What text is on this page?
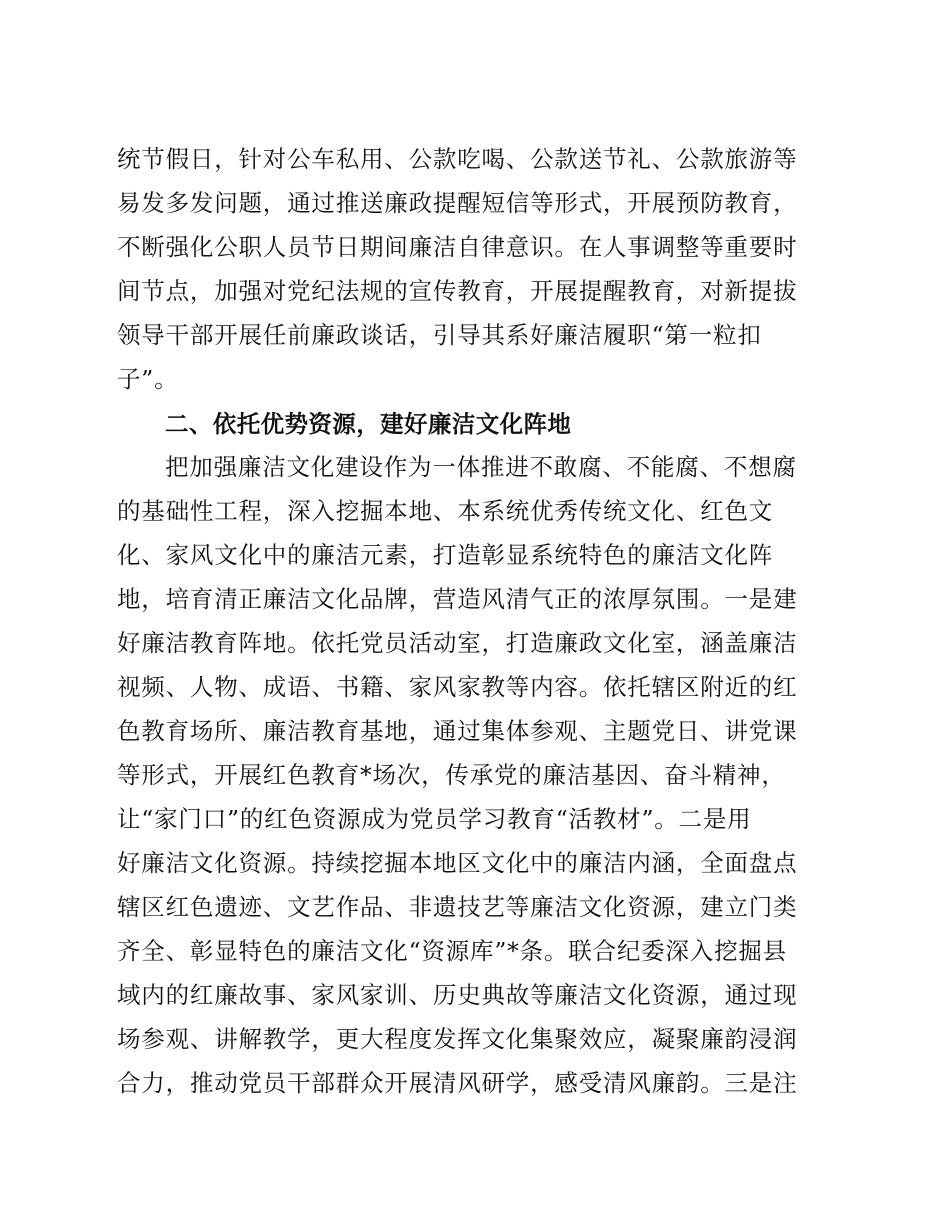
统节假日，针对公车私用、公款吃喝、公款送节礼、公款旅游等
易发多发问题，通过推送廉政提醒短信等形式，开展预防教育，
不断强化公职人员节日期间廉洁自律意识。在人事调整等重要时
间节点，加强对党纪法规的宣传教育，开展提醒教育，对新提拔
领导干部开展任前廉政谈话，引导其系好廉洁履职“第一粒扣
子”。
二、依托优势资源，建好廉洁文化阵地
把加强廉洁文化建设作为一体推进不敢腐、不能腐、不想腐
的基础性工程，深入挖掘本地、本系统优秀传统文化、红色文
化、家风文化中的廉洁元素，打造彰显系统特色的廉洁文化阵
地，培育清正廉洁文化品牌，营造风清气正的浓厚氛围。一是建
好廉洁教育阵地。依托党员活动室，打造廉政文化室，涵盖廉洁
视频、人物、成语、书籍、家风家教等内容。依托辖区附近的红
色教育场所、廉洁教育基地，通过集体参观、主题党日、讲党课
等形式，开展红色教育*场次，传承党的廉洁基因、奋斗精神，
让“家门口”的红色资源成为党员学习教育“活教材”。二是用
好廉洁文化资源。持续挖掘本地区文化中的廉洁内涵，全面盘点
辖区红色遗迹、文艺作品、非遗技艺等廉洁文化资源，建立门类
齐全、彰显特色的廉洁文化“资源库”*条。联合纪委深入挖掘县
域内的红廉故事、家风家训、历史典故等廉洁文化资源，通过现
场参观、讲解教学，更大程度发挥文化集聚效应，凝聚廉韵浸润
合力，推动党员干部群众开展清风研学，感受清风廉韵。三是注
